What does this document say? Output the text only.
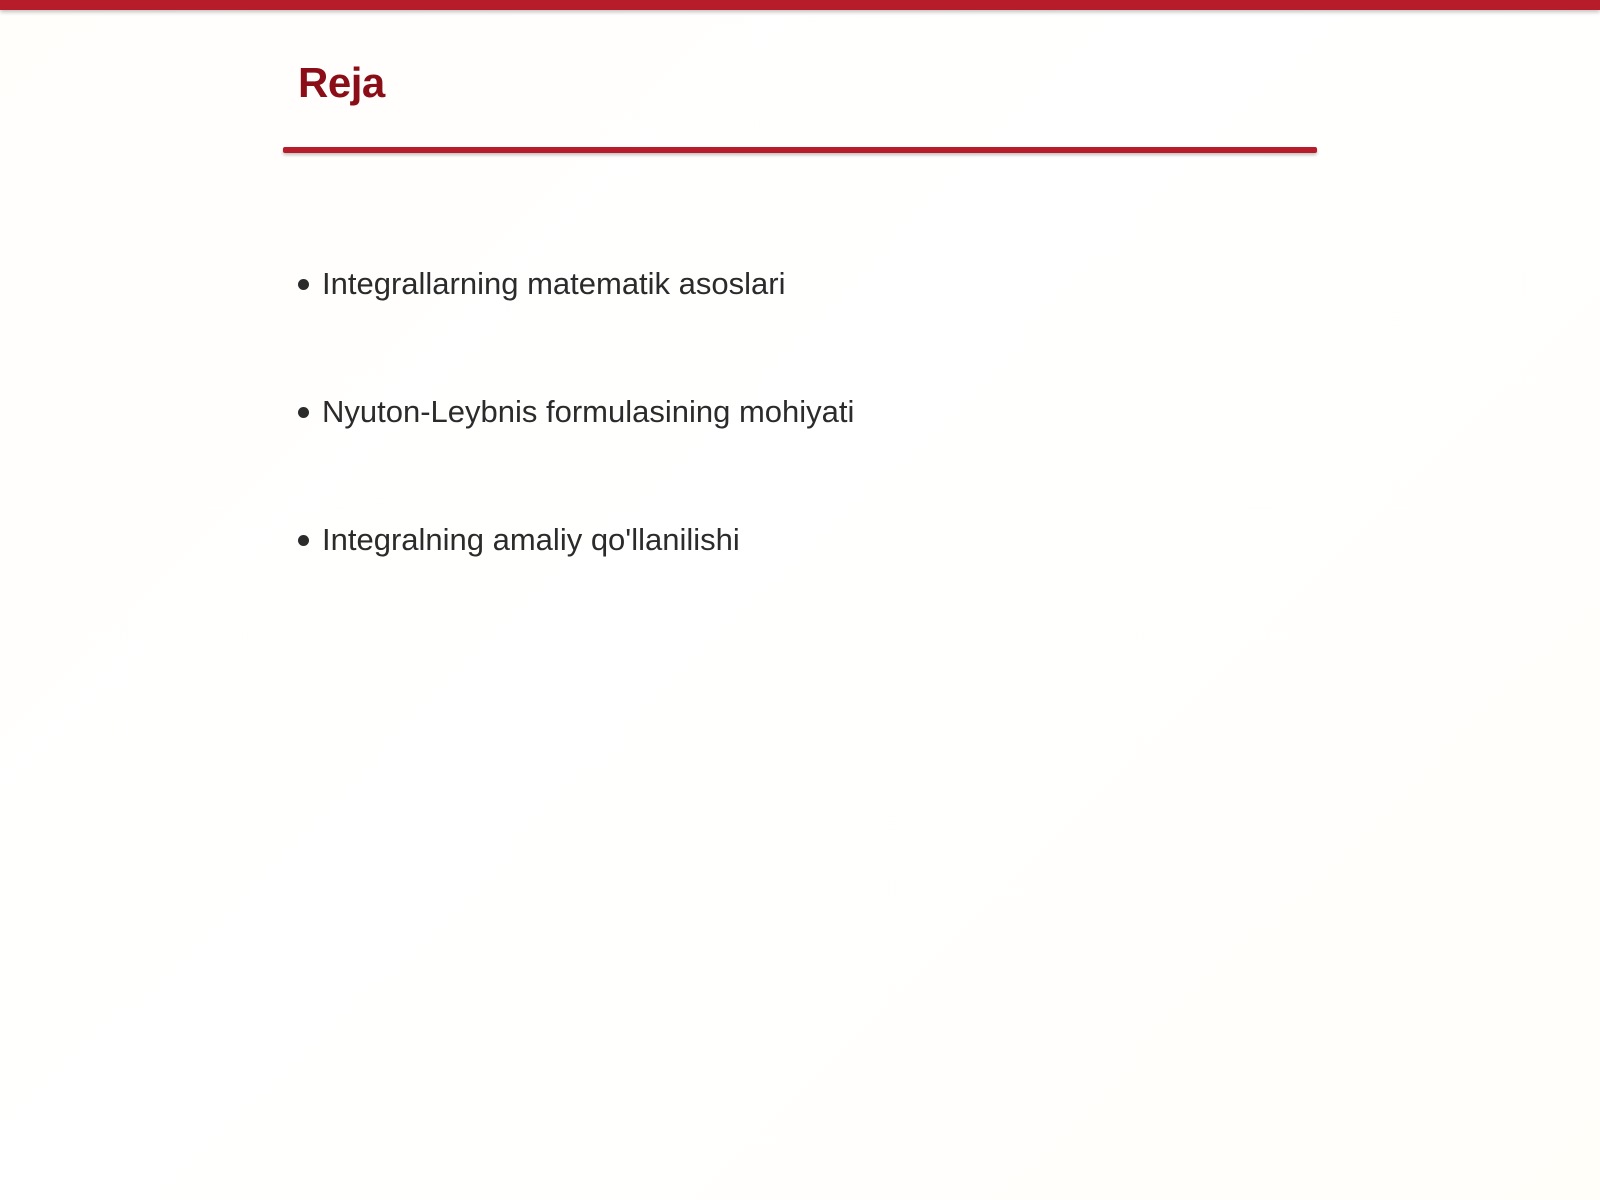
Reja
Integrallarning matematik asoslari
Nyuton-Leybnis formulasining mohiyati
Integralning amaliy qo'llanilishi
